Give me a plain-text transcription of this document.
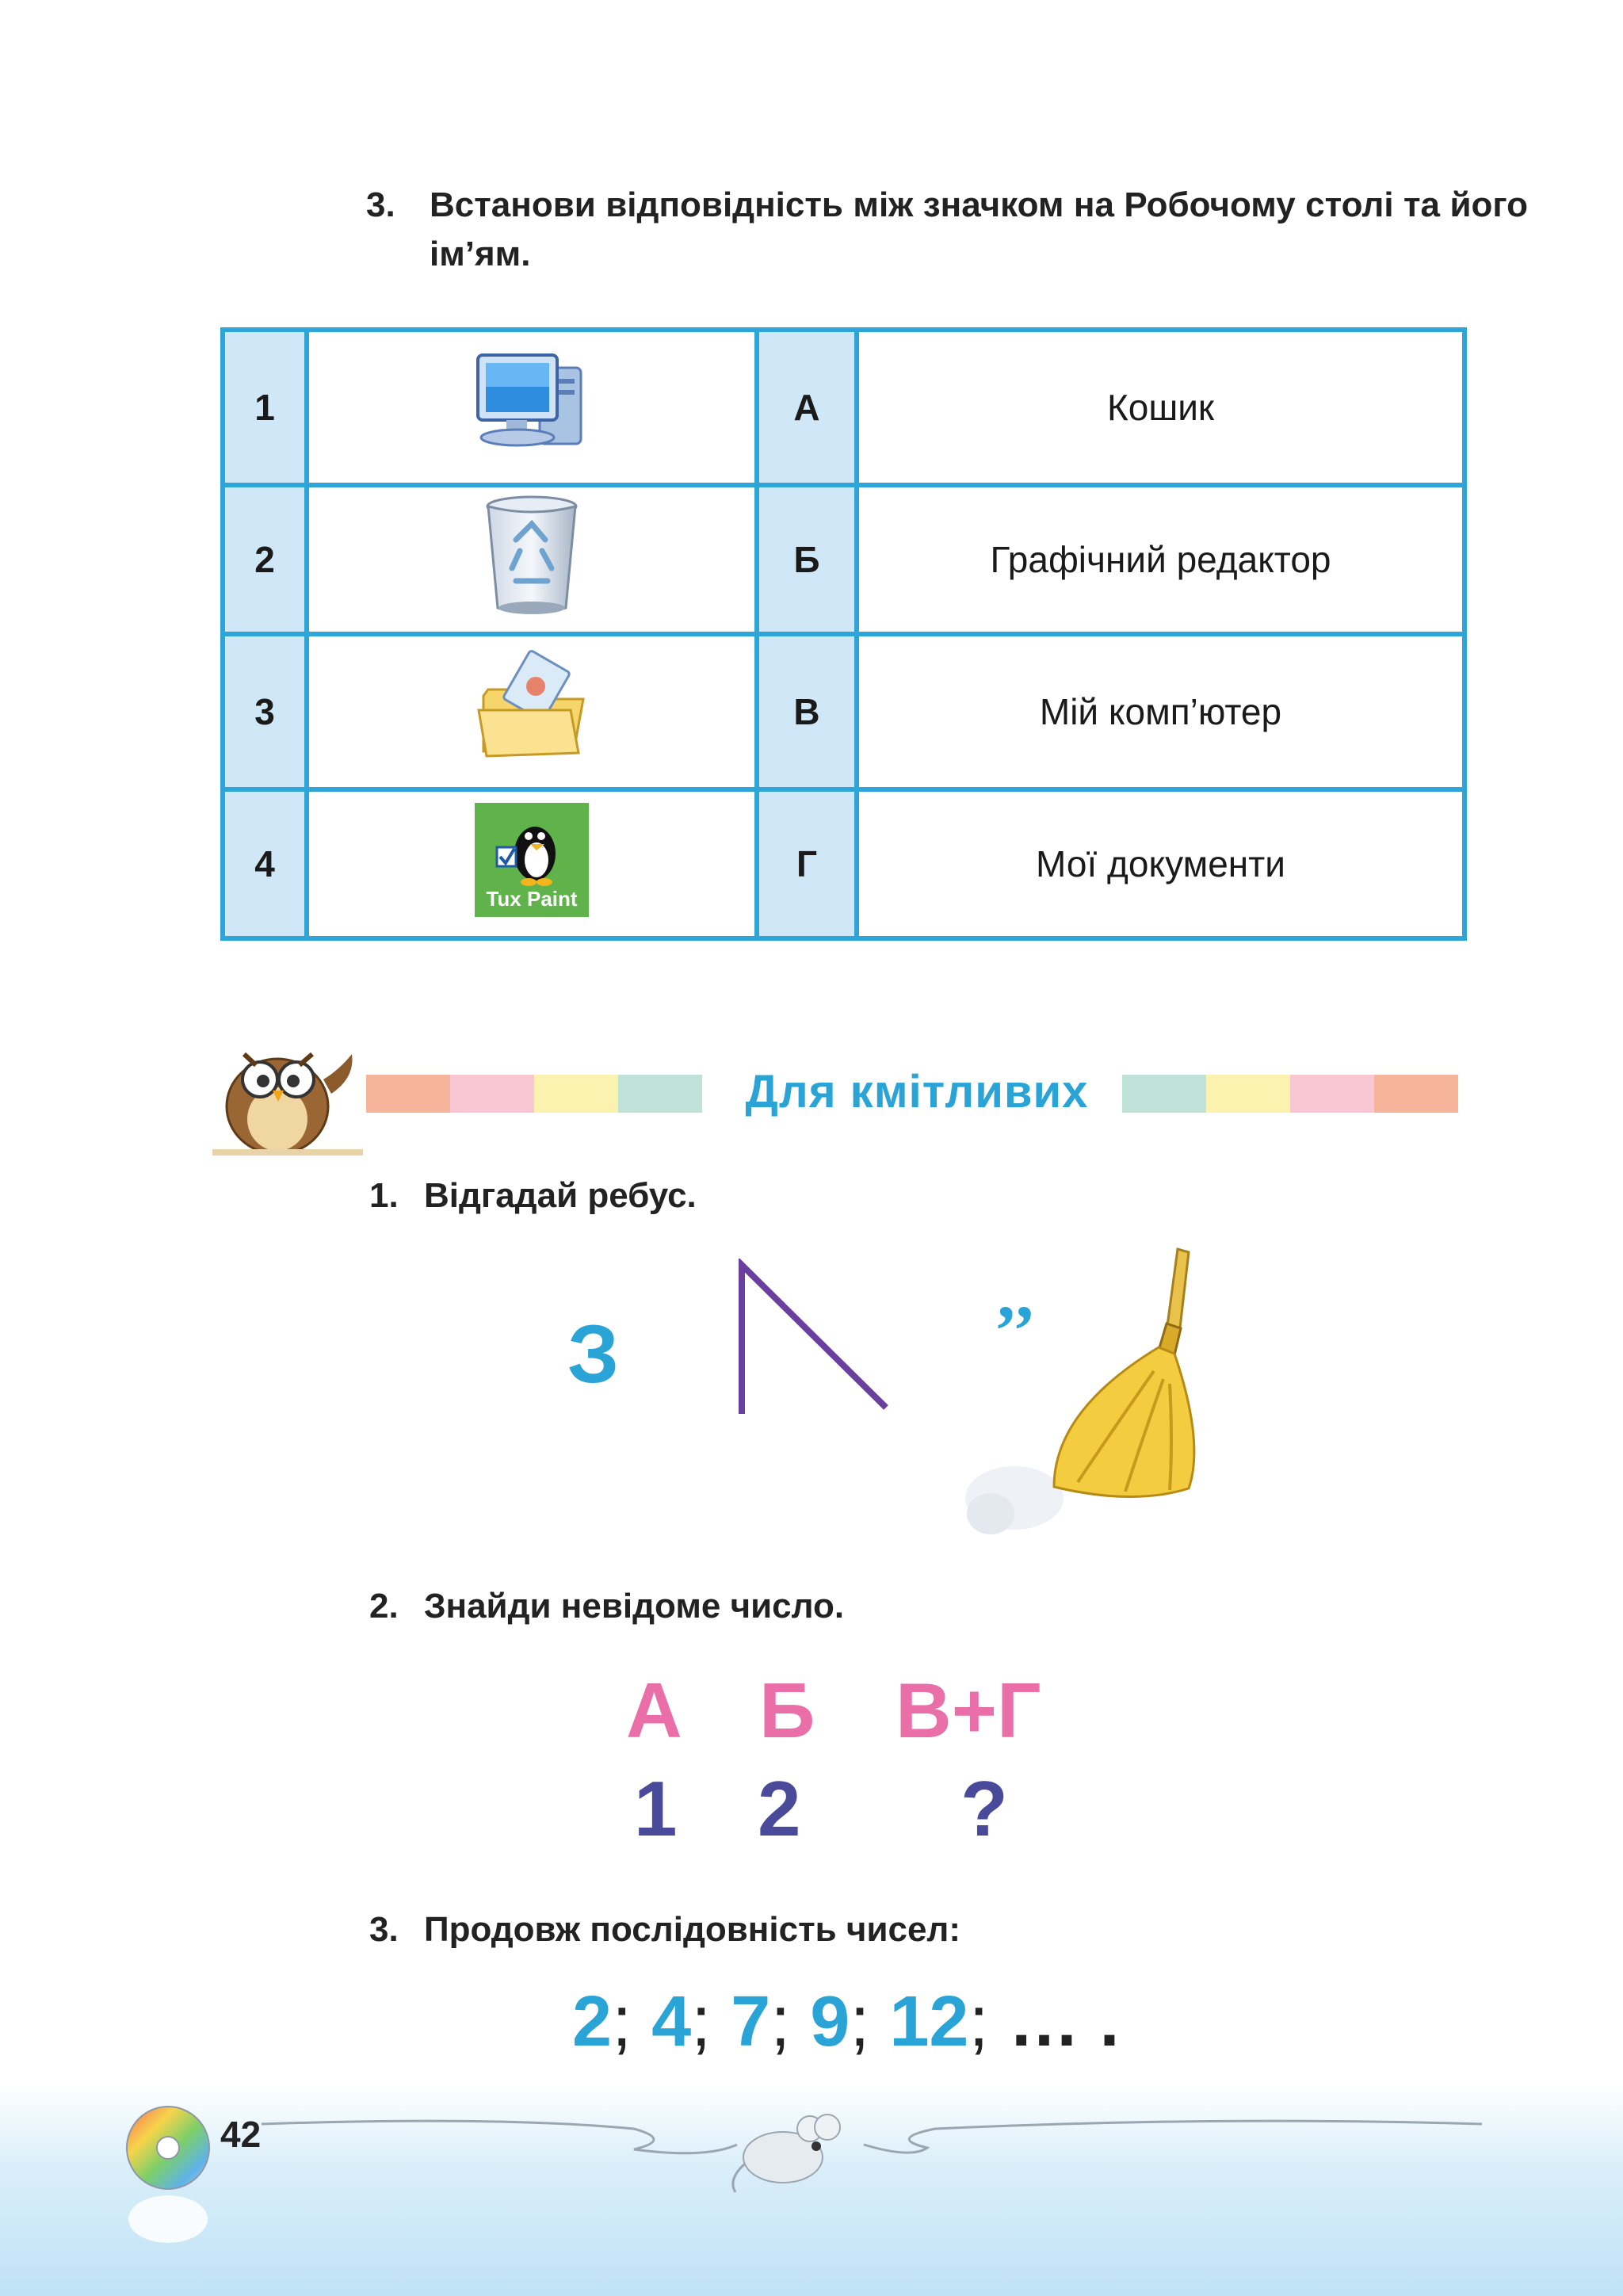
3. Встанови відповідність між значком на Робочому столі та його ім’ям.
1		А	Кошик
2		Б	Графічний редактор
3		В	Мій комп’ютер
4	Tux Paint	Г	Мої документи
Для кмітливих
1. Відгадай ребус.
З	’’
2. Знайди невідоме число.
А Б В+Г
1 2 ?
3. Продовж послідовність чисел:
2; 4; 7; 9; 12; … .
42
